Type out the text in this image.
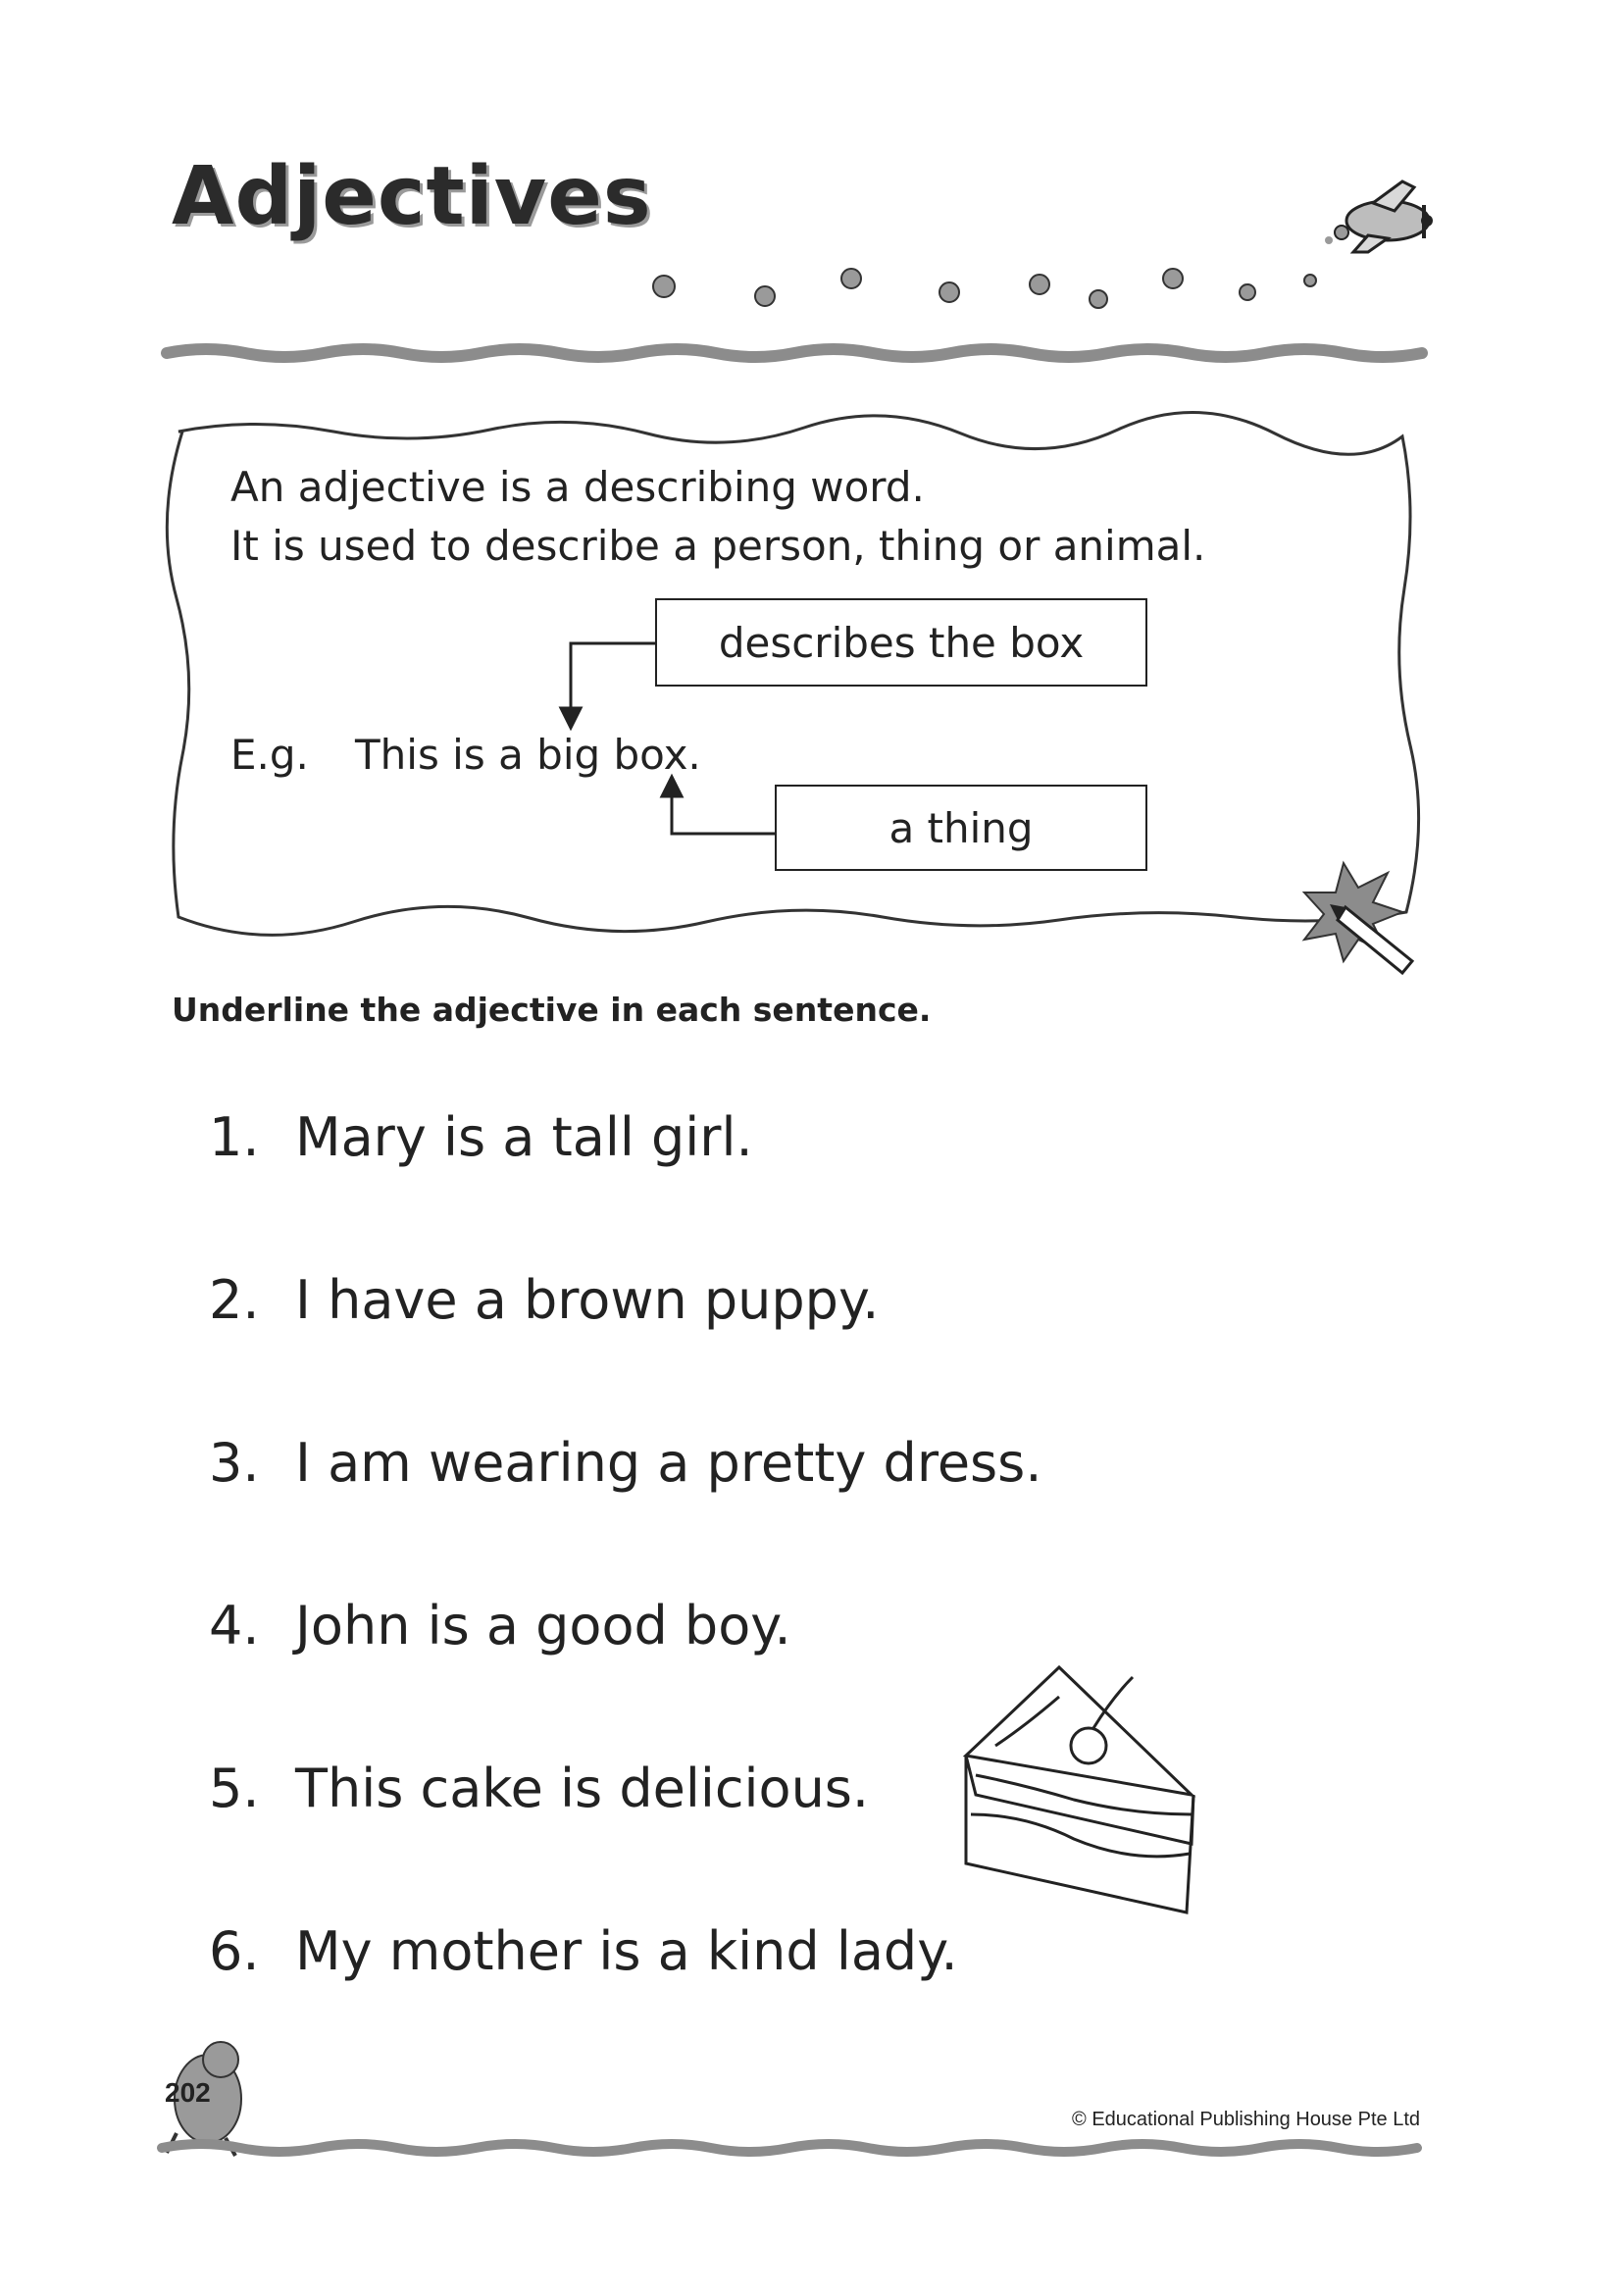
Adjectives
An adjective is a describing word.
It is used to describe a person, thing or animal.
describes the box
E.g. This is a big box.
a thing

Underline the adjective in each sentence.

1. Mary is a tall girl.
2. I have a brown puppy.
3. I am wearing a pretty dress.
4. John is a good boy.
5. This cake is delicious.
6. My mother is a kind lady.
202
© Educational Publishing House Pte Ltd
